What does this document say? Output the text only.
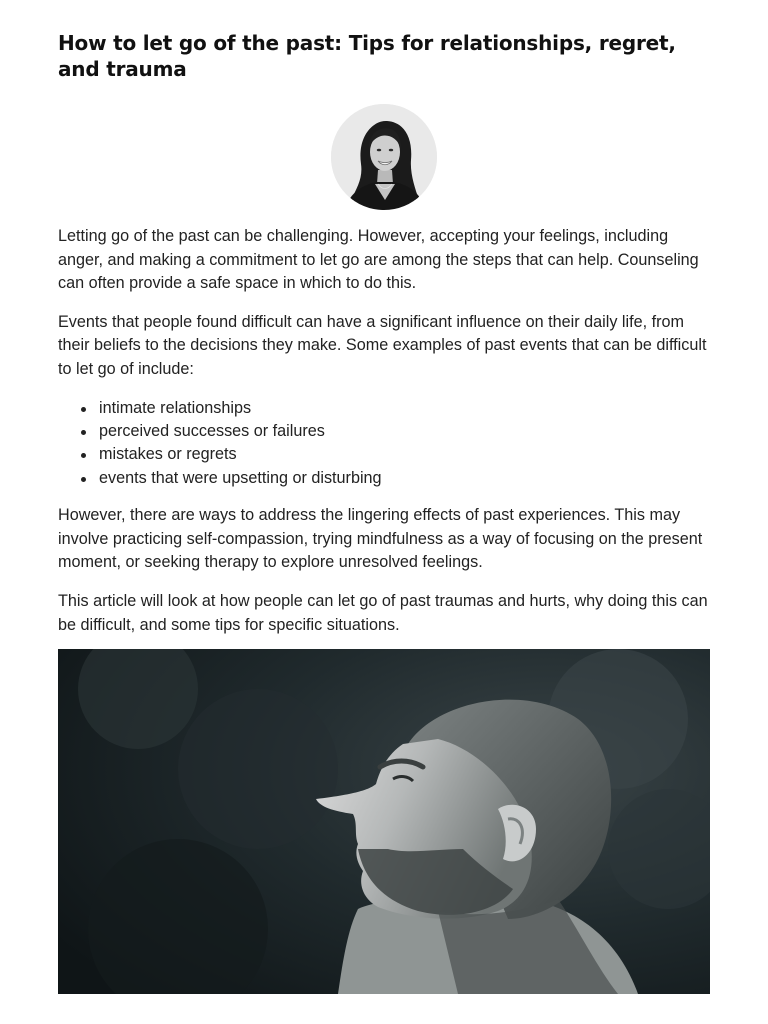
How to let go of the past: Tips for relationships, regret, and trauma

Letting go of the past can be challenging. However, accepting your feelings, including anger, and making a commitment to let go are among the steps that can help. Counseling can often provide a safe space in which to do this.

Events that people found difficult can have a significant influence on their daily life, from their beliefs to the decisions they make. Some examples of past events that can be difficult to let go of include:

intimate relationships
perceived successes or failures
mistakes or regrets
events that were upsetting or disturbing

However, there are ways to address the lingering effects of past experiences. This may involve practicing self-compassion, trying mindfulness as a way of focusing on the present moment, or seeking therapy to explore unresolved feelings.

This article will look at how people can let go of past traumas and hurts, why doing this can be difficult, and some tips for specific situations.
